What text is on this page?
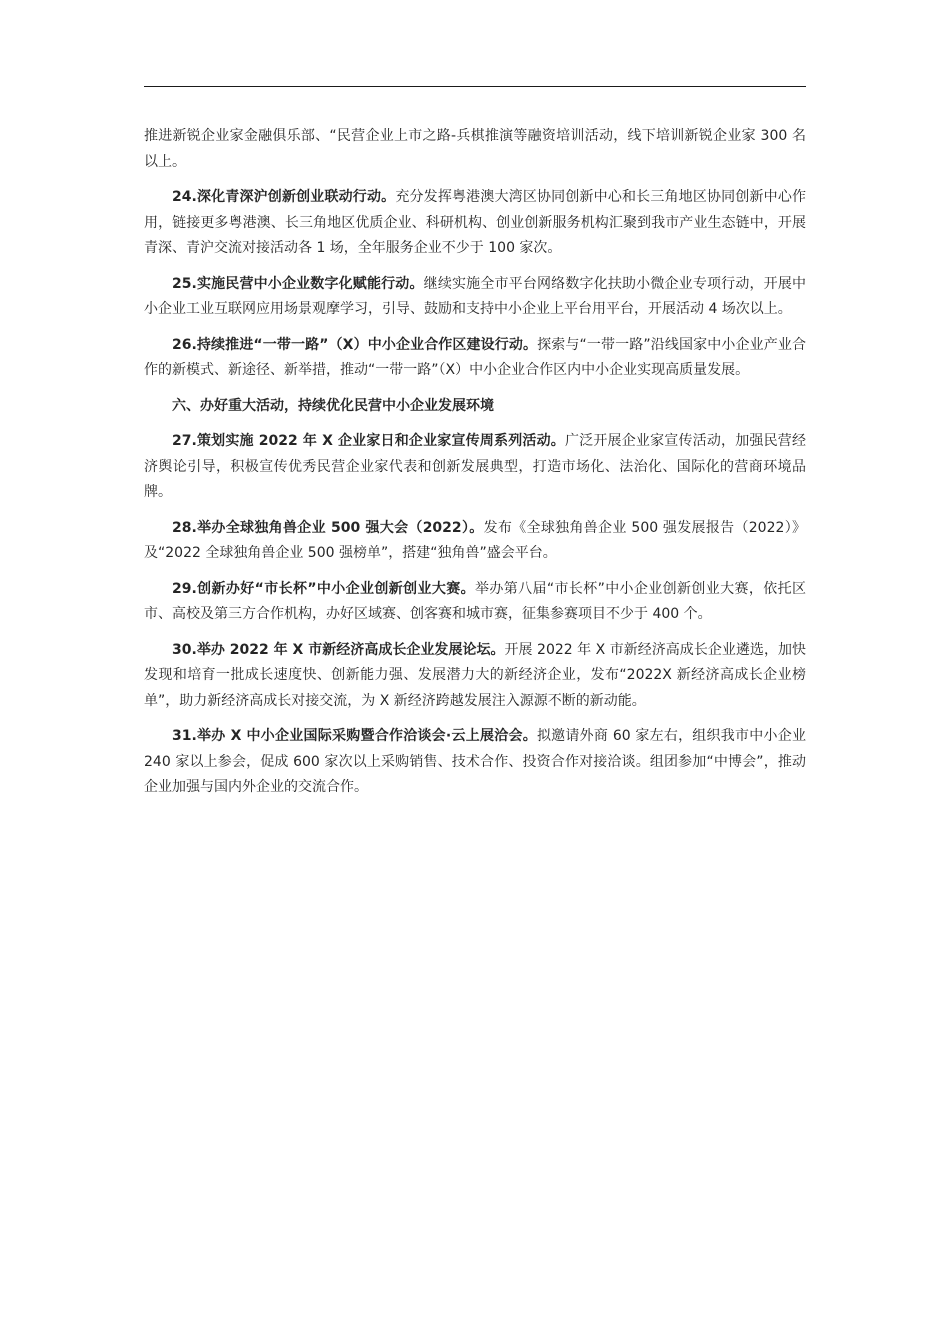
推进新锐企业家金融俱乐部、“民营企业上市之路-兵棋推演等融资培训活动，线下培训新锐企业家 300 名以上。

24.深化青深沪创新创业联动行动。充分发挥粤港澳大湾区协同创新中心和长三角地区协同创新中心作用，链接更多粤港澳、长三角地区优质企业、科研机构、创业创新服务机构汇聚到我市产业生态链中，开展青深、青沪交流对接活动各 1 场，全年服务企业不少于 100 家次。

25.实施民营中小企业数字化赋能行动。继续实施全市平台网络数字化扶助小微企业专项行动，开展中小企业工业互联网应用场景观摩学习，引导、鼓励和支持中小企业上平台用平台，开展活动 4 场次以上。

26.持续推进“一带一路”（X）中小企业合作区建设行动。探索与“一带一路”沿线国家中小企业产业合作的新模式、新途径、新举措，推动“一带一路”（X）中小企业合作区内中小企业实现高质量发展。

六、办好重大活动，持续优化民营中小企业发展环境

27.策划实施 2022 年 X 企业家日和企业家宣传周系列活动。广泛开展企业家宣传活动，加强民营经济舆论引导，积极宣传优秀民营企业家代表和创新发展典型，打造市场化、法治化、国际化的营商环境品牌。

28.举办全球独角兽企业 500 强大会（2022）。发布《全球独角兽企业 500 强发展报告（2022）》及“2022 全球独角兽企业 500 强榜单”，搭建“独角兽”盛会平台。

29.创新办好“市长杯”中小企业创新创业大赛。举办第八届“市长杯”中小企业创新创业大赛，依托区市、高校及第三方合作机构，办好区域赛、创客赛和城市赛，征集参赛项目不少于 400 个。

30.举办 2022 年 X 市新经济高成长企业发展论坛。开展 2022 年 X 市新经济高成长企业遴选，加快发现和培育一批成长速度快、创新能力强、发展潜力大的新经济企业，发布“2022X 新经济高成长企业榜单”，助力新经济高成长对接交流，为 X 新经济跨越发展注入源源不断的新动能。

31.举办 X 中小企业国际采购暨合作洽谈会·云上展洽会。拟邀请外商 60 家左右，组织我市中小企业 240 家以上参会，促成 600 家次以上采购销售、技术合作、投资合作对接洽谈。组团参加“中博会”，推动企业加强与国内外企业的交流合作。
